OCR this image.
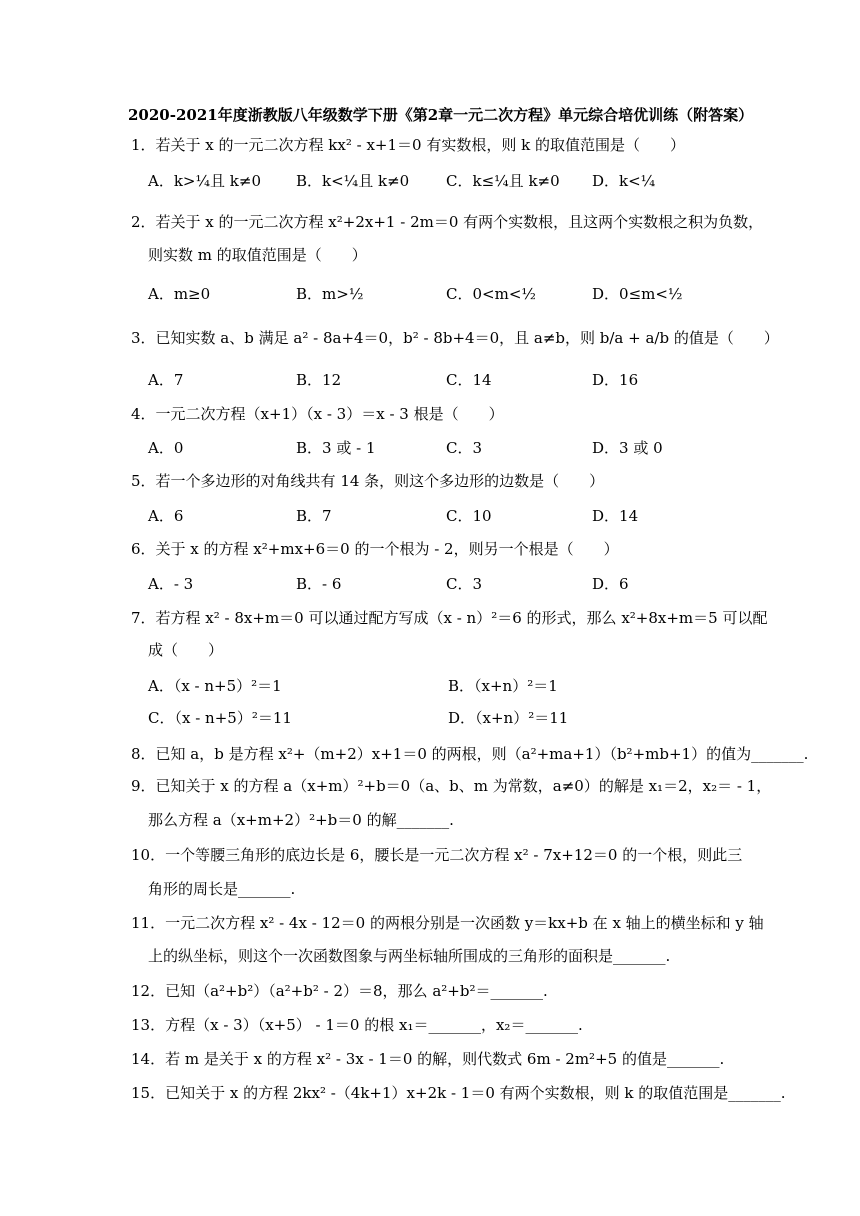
2020-2021年度浙教版八年级数学下册《第2章一元二次方程》单元综合培优训练（附答案）
1．若关于 x 的一元二次方程 kx² - x+1＝0 有实数根，则 k 的取值范围是（　　）
A．k>¼且 k≠0 B．k<¼且 k≠0 C．k≤¼且 k≠0 D．k<¼
2．若关于 x 的一元二次方程 x²+2x+1 - 2m＝0 有两个实数根，且这两个实数根之积为负数，
则实数 m 的取值范围是（　　）
A．m≥0	B．m>½	C．0<m<½	D．0≤m<½
3．已知实数 a、b 满足 a² - 8a+4＝0，b² - 8b+4＝0，且 a≠b，则 b/a + a/b 的值是（　　）
A．7	B．12	C．14	D．16
4．一元二次方程（x+1）（x - 3）＝x - 3 根是（　　）
A．0	B．3 或 - 1	C．3	D．3 或 0
5．若一个多边形的对角线共有 14 条，则这个多边形的边数是（　　）
A．6	B．7	C．10	D．14
6．关于 x 的方程 x²+mx+6＝0 的一个根为 - 2，则另一个根是（　　）
A．- 3	B．- 6	C．3	D．6
7．若方程 x² - 8x+m＝0 可以通过配方写成（x - n）²＝6 的形式，那么 x²+8x+m＝5 可以配
成（　　）
A．（x - n+5）²＝1	B．（x+n）²＝1
C．（x - n+5）²＝11	D．（x+n）²＝11
8．已知 a，b 是方程 x²+（m+2）x+1＝0 的两根，则（a²+ma+1）（b²+mb+1）的值为_______.
9．已知关于 x 的方程 a（x+m）²+b＝0（a、b、m 为常数，a≠0）的解是 x₁＝2，x₂＝ - 1，
那么方程 a（x+m+2）²+b＝0 的解_______.
10．一个等腰三角形的底边长是 6，腰长是一元二次方程 x² - 7x+12＝0 的一个根，则此三
角形的周长是_______.
11．一元二次方程 x² - 4x - 12＝0 的两根分别是一次函数 y＝kx+b 在 x 轴上的横坐标和 y 轴
上的纵坐标，则这个一次函数图象与两坐标轴所围成的三角形的面积是_______.
12．已知（a²+b²）（a²+b² - 2）＝8，那么 a²+b²＝_______.
13．方程（x - 3）（x+5） - 1＝0 的根 x₁＝_______，x₂＝_______.
14．若 m 是关于 x 的方程 x² - 3x - 1＝0 的解，则代数式 6m - 2m²+5 的值是_______.
15．已知关于 x 的方程 2kx² -（4k+1）x+2k - 1＝0 有两个实数根，则 k 的取值范围是_______.
